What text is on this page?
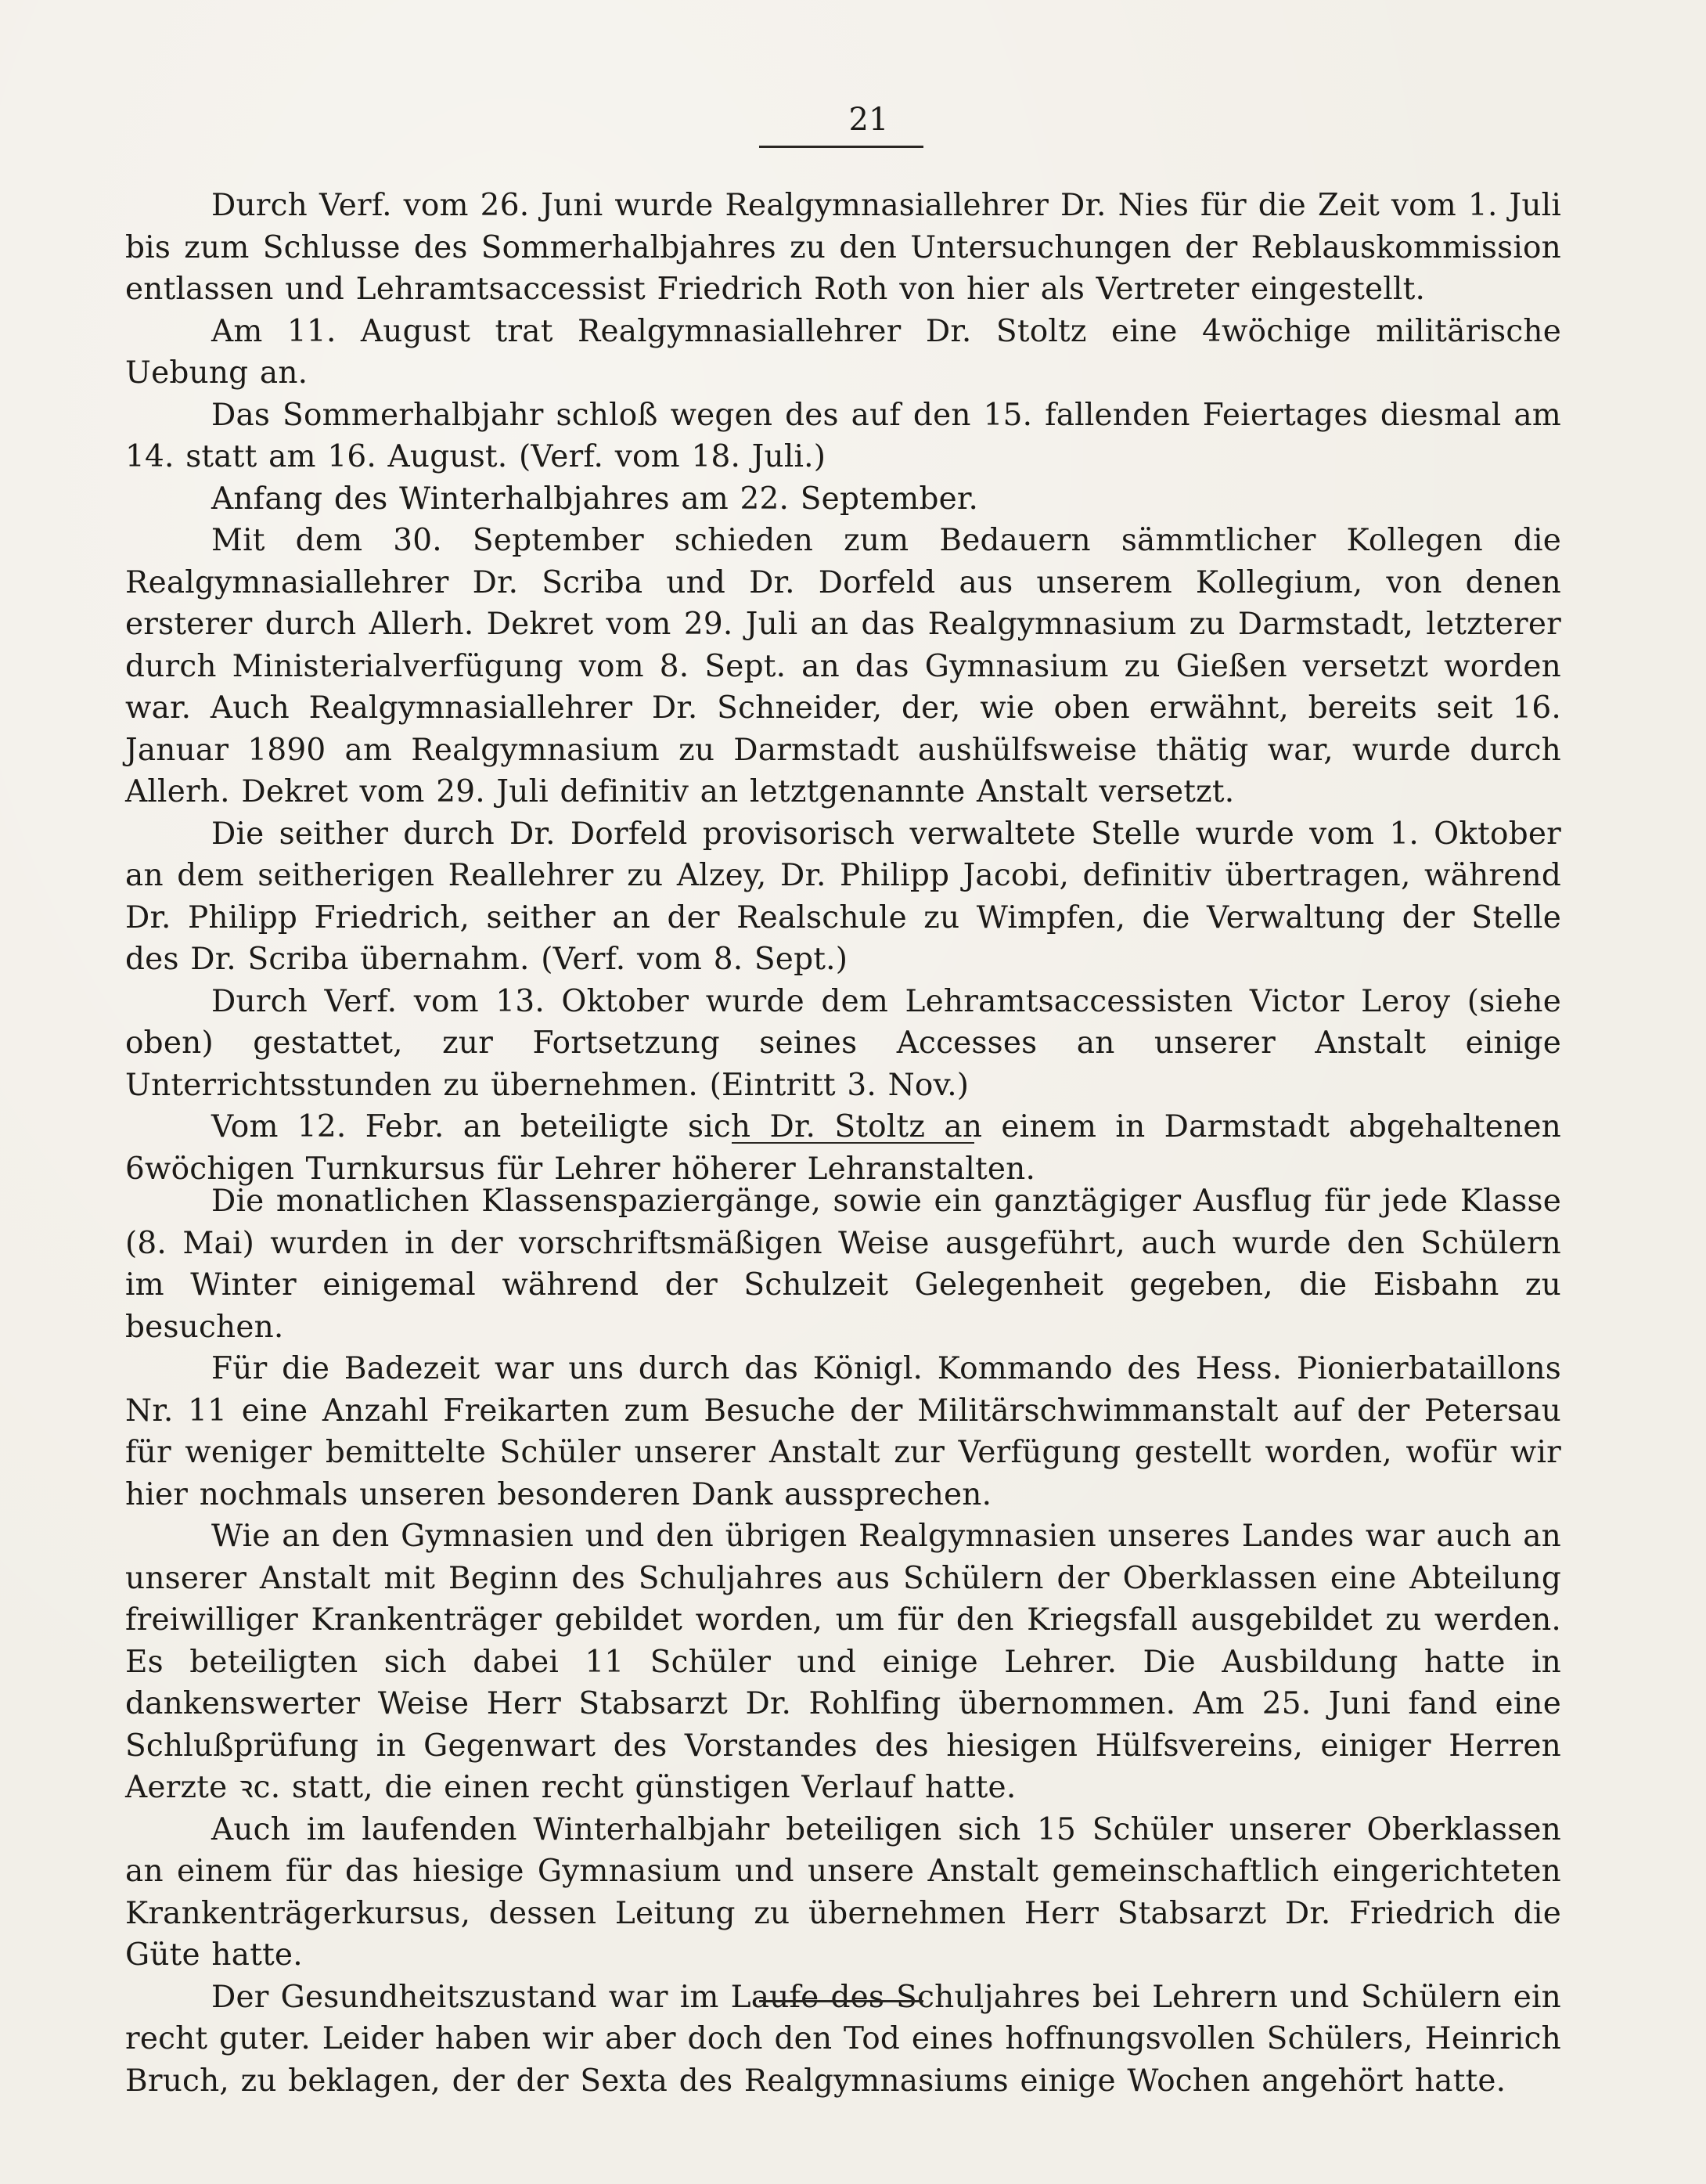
21

Durch Verf. vom 26. Juni wurde Realgymnasiallehrer Dr. Nies für die Zeit vom 1. Juli bis zum Schlusse des Sommerhalbjahres zu den Untersuchungen der Reblauskommission entlassen und Lehramtsaccessist Friedrich Roth von hier als Vertreter eingestellt.

Am 11. August trat Realgymnasiallehrer Dr. Stoltz eine 4wöchige militärische Uebung an.

Das Sommerhalbjahr schloß wegen des auf den 15. fallenden Feiertages diesmal am 14. statt am 16. August. (Verf. vom 18. Juli.)

Anfang des Winterhalbjahres am 22. September.

Mit dem 30. September schieden zum Bedauern sämmtlicher Kollegen die Realgymnasiallehrer Dr. Scriba und Dr. Dorfeld aus unserem Kollegium, von denen ersterer durch Allerh. Dekret vom 29. Juli an das Realgymnasium zu Darmstadt, letzterer durch Ministerialverfügung vom 8. Sept. an das Gymnasium zu Gießen versetzt worden war. Auch Realgymnasiallehrer Dr. Schneider, der, wie oben erwähnt, bereits seit 16. Januar 1890 am Realgymnasium zu Darmstadt aushülfsweise thätig war, wurde durch Allerh. Dekret vom 29. Juli definitiv an letztgenannte Anstalt versetzt.

Die seither durch Dr. Dorfeld provisorisch verwaltete Stelle wurde vom 1. Oktober an dem seitherigen Reallehrer zu Alzey, Dr. Philipp Jacobi, definitiv übertragen, während Dr. Philipp Friedrich, seither an der Realschule zu Wimpfen, die Verwaltung der Stelle des Dr. Scriba übernahm. (Verf. vom 8. Sept.)

Durch Verf. vom 13. Oktober wurde dem Lehramtsaccessisten Victor Leroy (siehe oben) gestattet, zur Fortsetzung seines Accesses an unserer Anstalt einige Unterrichtsstunden zu übernehmen. (Eintritt 3. Nov.)

Vom 12. Febr. an beteiligte sich Dr. Stoltz an einem in Darmstadt abgehaltenen 6wöchigen Turnkursus für Lehrer höherer Lehranstalten.

Die monatlichen Klassenspaziergänge, sowie ein ganztägiger Ausflug für jede Klasse (8. Mai) wurden in der vorschriftsmäßigen Weise ausgeführt, auch wurde den Schülern im Winter einigemal während der Schulzeit Gelegenheit gegeben, die Eisbahn zu besuchen.

Für die Badezeit war uns durch das Königl. Kommando des Hess. Pionierbataillons Nr. 11 eine Anzahl Freikarten zum Besuche der Militärschwimmanstalt auf der Petersau für weniger bemittelte Schüler unserer Anstalt zur Verfügung gestellt worden, wofür wir hier nochmals unseren besonderen Dank aussprechen.

Wie an den Gymnasien und den übrigen Realgymnasien unseres Landes war auch an unserer Anstalt mit Beginn des Schuljahres aus Schülern der Oberklassen eine Abteilung freiwilliger Krankenträger gebildet worden, um für den Kriegsfall ausgebildet zu werden. Es beteiligten sich dabei 11 Schüler und einige Lehrer. Die Ausbildung hatte in dankenswerter Weise Herr Stabsarzt Dr. Rohlfing übernommen. Am 25. Juni fand eine Schlußprüfung in Gegenwart des Vorstandes des hiesigen Hülfsvereins, einiger Herren Aerzte ꝛc. statt, die einen recht günstigen Verlauf hatte.

Auch im laufenden Winterhalbjahr beteiligen sich 15 Schüler unserer Oberklassen an einem für das hiesige Gymnasium und unsere Anstalt gemeinschaftlich eingerichteten Krankenträgerkursus, dessen Leitung zu übernehmen Herr Stabsarzt Dr. Friedrich die Güte hatte.

Der Gesundheitszustand war im Laufe des Schuljahres bei Lehrern und Schülern ein recht guter. Leider haben wir aber doch den Tod eines hoffnungsvollen Schülers, Heinrich Bruch, zu beklagen, der der Sexta des Realgymnasiums einige Wochen angehört hatte.
